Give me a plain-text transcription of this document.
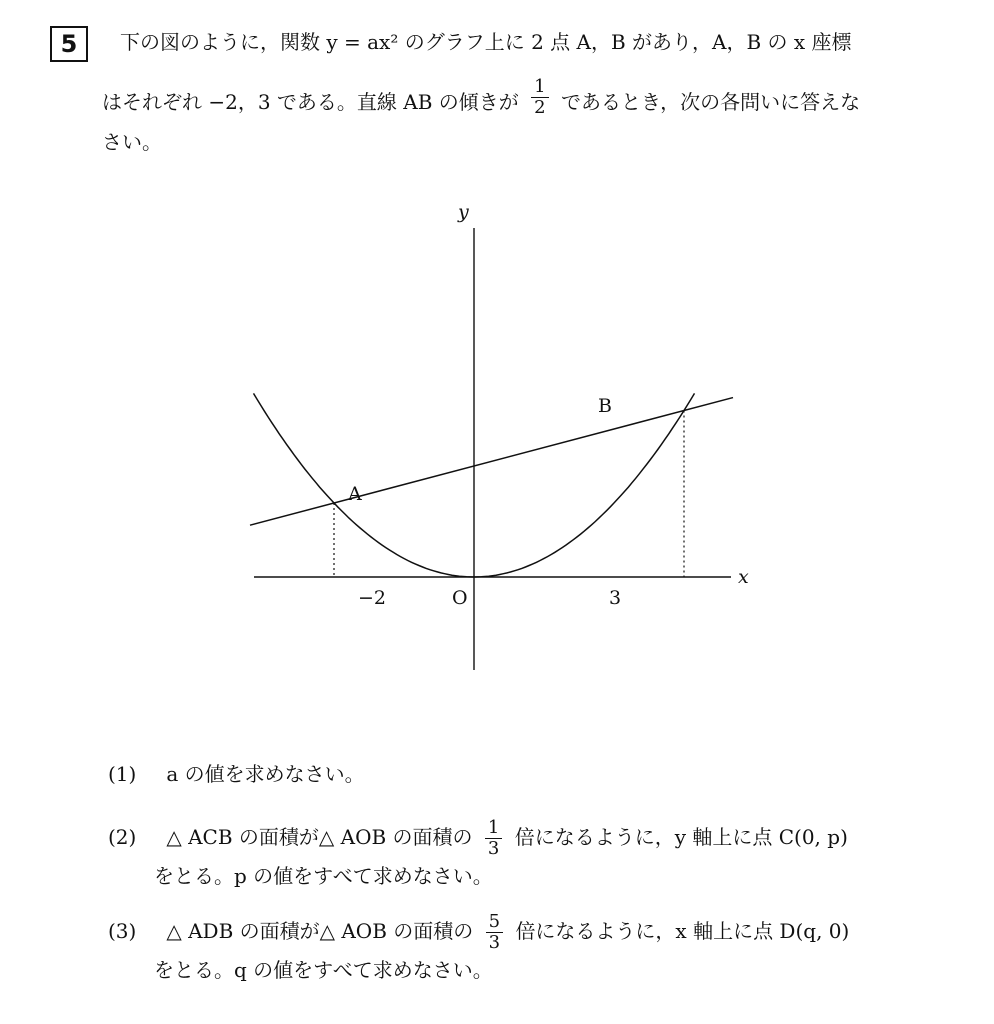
5	下の図のように，関数 y = ax² のグラフ上に 2 点 A，B があり，A，B の x 座標
はそれぞれ −2，3 である。直線 AB の傾きが $\frac{1}{2}$ であるとき，次の各問いに答えな
さい。
y
x
O
−2	3
A
B
(1) a の値を求めなさい。
(2) △ ACB の面積が△ AOB の面積の $\frac{1}{3}$ 倍になるように，y 軸上に点 C(0, p)
をとる。p の値をすべて求めなさい。
(3) △ ADB の面積が△ AOB の面積の $\frac{5}{3}$ 倍になるように，x 軸上に点 D(q, 0)
をとる。q の値をすべて求めなさい。
